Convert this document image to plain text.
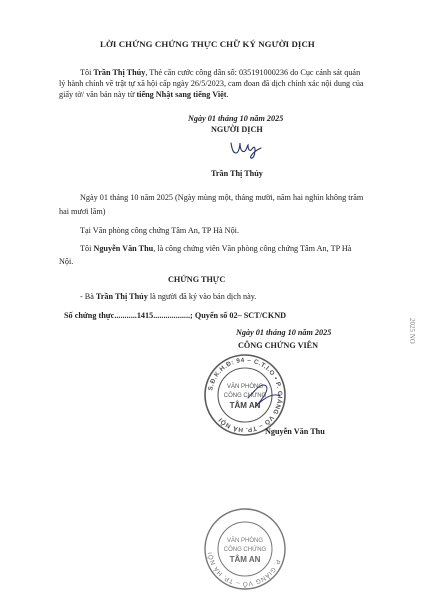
LỜI CHỨNG CHỨNG THỰC CHỮ KÝ NGƯỜI DỊCH
Tôi Trần Thị Thúy, Thẻ căn cước công dân số: 035191000236 do Cục cảnh sát quản
lý hành chính về trật tự xã hội cấp ngày 26/5/2023, cam đoan đã dịch chính xác nội dung của
giấy tờ/ văn bản này từ tiếng Nhật sang tiếng Việt.
Ngày 01 tháng 10 năm 2025
NGƯỜI DỊCH
Trần Thị Thúy
Ngày 01 tháng 10 năm 2025 (Ngày mùng một, tháng mười, năm hai nghìn không trăm
hai mươi lăm)
Tại Văn phòng công chứng Tâm An, TP Hà Nội.
Tôi Nguyễn Văn Thu, là công chứng viên Văn phòng công chứng Tâm An, TP Hà
Nội.
CHỨNG THỰC
- Bà Trần Thị Thúy là người đã ký vào bản dịch này.
Số chứng thực...........1415..................; Quyển số 02– SCT/CKND
Ngày 01 tháng 10 năm 2025
CÔNG CHỨNG VIÊN
S.Đ.K.H.Đ: 94 – C.T.I.O • P. GIẢNG VÕ – TP. HÀ NỘI
VĂN PHÒNG
CÔNG CHỨNG
TÂM AN
Nguyễn Văn Thu
P. GIẢNG VÕ – TP. HÀ NỘI
VĂN PHÒNG
CÔNG CHỨNG
TÂM AN
2025 NO
